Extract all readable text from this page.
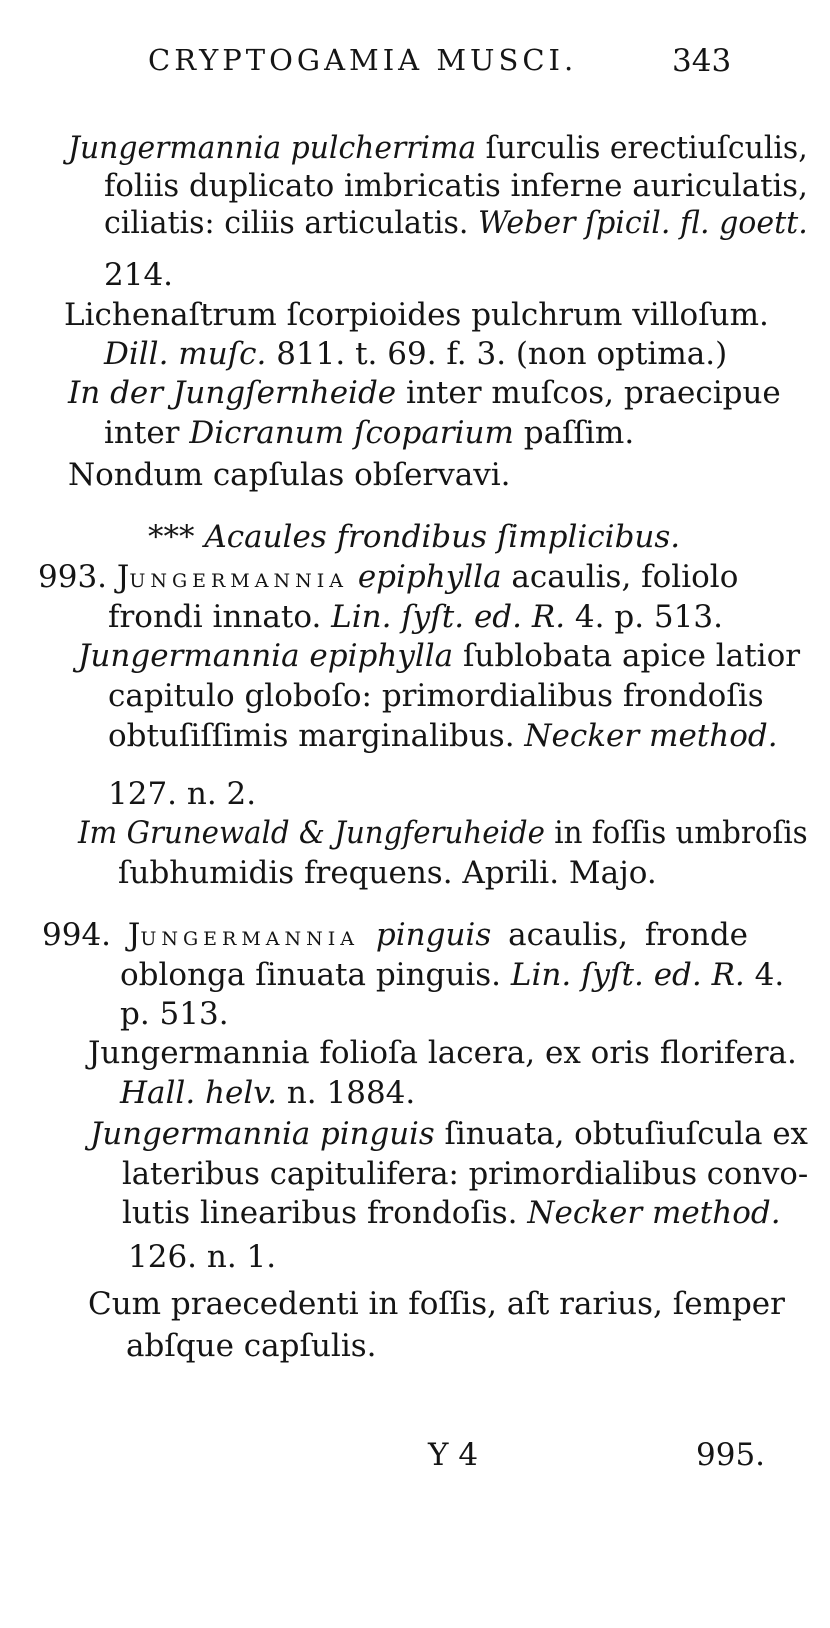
CRYPTOGAMIA MUSCI.	343
Jungermannia pulcherrima ſurculis erectiuſculis,
foliis duplicato imbricatis inferne auriculatis,
ciliatis: ciliis articulatis. Weber ſpicil. fl. goett.
214.
Lichenaſtrum ſcorpioides pulchrum villoſum.
Dill. muſc. 811. t. 69. f. 3. (non optima.)
In der Jungſernheide inter muſcos, praecipue
inter Dicranum ſcoparium paſſim.
Nondum capſulas obſervavi.
*** Acaules frondibus ſimplicibus.
993. JUNGERMANNIA epiphylla acaulis, foliolo
frondi innato. Lin. ſyſt. ed. R. 4. p. 513.
Jungermannia epiphylla ſublobata apice latior
capitulo globoſo: primordialibus frondoſis
obtuſiſſimis marginalibus. Necker method.
127. n. 2.
Im Grunewald & Jungferuheide in foſſis umbroſis
ſubhumidis frequens. Aprili. Majo.
994. JUNGERMANNIA pinguis acaulis, fronde
oblonga ſinuata pinguis. Lin. ſyſt. ed. R. 4.
p. 513.
Jungermannia folioſa lacera, ex oris florifera.
Hall. helv. n. 1884.
Jungermannia pinguis ſinuata, obtuſiuſcula ex
lateribus capitulifera: primordialibus convo-
lutis linearibus frondoſis. Necker method.
126. n. 1.
Cum praecedenti in foſſis, aſt rarius, ſemper
abſque capſulis.
Y 4	995.
